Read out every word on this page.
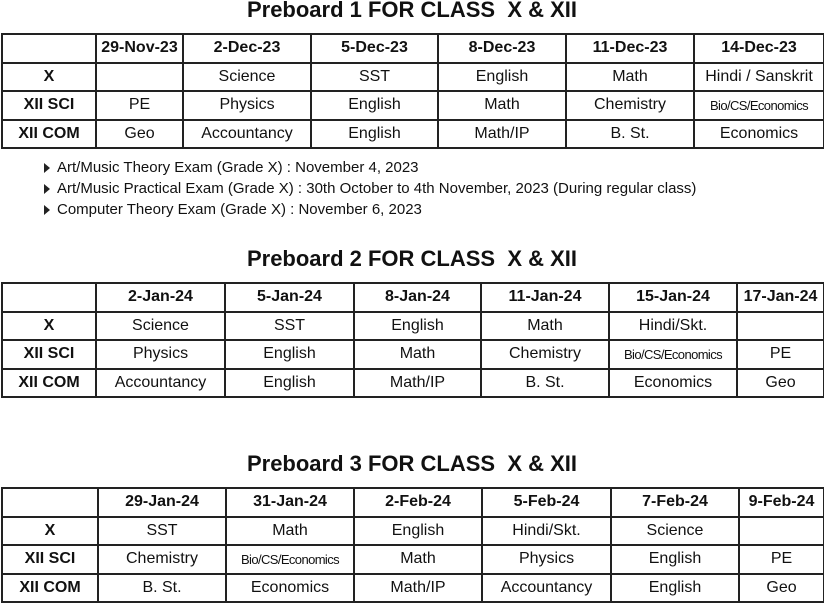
Preboard 1 FOR CLASS  X & XII
	29-Nov-23	2-Dec-23	5-Dec-23	8-Dec-23	11-Dec-23	14-Dec-23
X		Science	SST	English	Math	Hindi / Sanskrit
XII SCI	PE	Physics	English	Math	Chemistry	Bio/CS/Economics
XII COM	Geo	Accountancy	English	Math/IP	B. St.	Economics
Art/Music Theory Exam (Grade X) : November 4, 2023
Art/Music Practical Exam (Grade X) : 30th October to 4th November, 2023 (During regular class)
Computer Theory Exam (Grade X) : November 6, 2023
Preboard 2 FOR CLASS  X & XII
	2-Jan-24	5-Jan-24	8-Jan-24	11-Jan-24	15-Jan-24	17-Jan-24
X	Science	SST	English	Math	Hindi/Skt.	
XII SCI	Physics	English	Math	Chemistry	Bio/CS/Economics	PE
XII COM	Accountancy	English	Math/IP	B. St.	Economics	Geo
Preboard 3 FOR CLASS  X & XII
	29-Jan-24	31-Jan-24	2-Feb-24	5-Feb-24	7-Feb-24	9-Feb-24
X	SST	Math	English	Hindi/Skt.	Science	
XII SCI	Chemistry	Bio/CS/Economics	Math	Physics	English	PE
XII COM	B. St.	Economics	Math/IP	Accountancy	English	Geo
